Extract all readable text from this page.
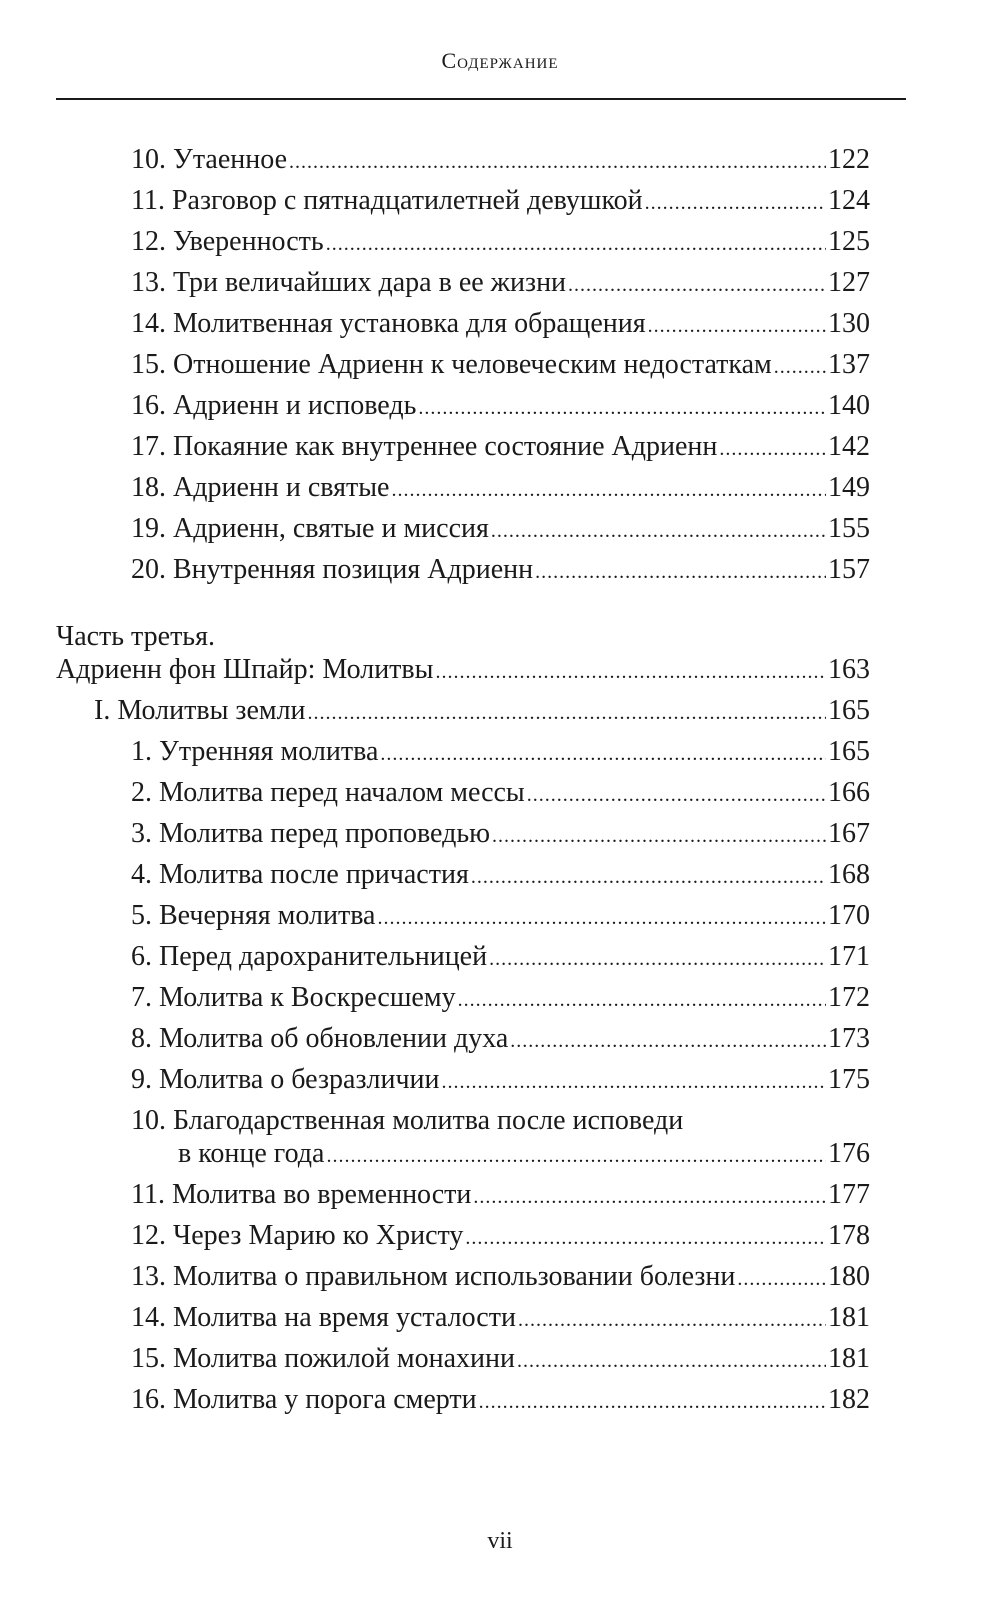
Содержание
10. Утаенное .....	122
11. Разговор с пятнадцатилетней девушкой .....	124
12. Уверенность .....	125
13. Три величайших дара в ее жизни .....	127
14. Молитвенная установка для обращения .....	130
15. Отношение Адриенн к человеческим недостаткам ..... 137
16. Адриенн и исповедь .....	140
17. Покаяние как внутреннее состояние Адриенн .....	142
18. Адриенн и святые .....	149
19. Адриенн, святые и миссия .....	155
20. Внутренняя позиция Адриенн .....	157
Часть третья.
Адриенн фон Шпайр: Молитвы .....	163
I. Молитвы земли .....	165
1. Утренняя молитва .....	165
2. Молитва перед началом мессы .....	166
3. Молитва перед проповедью .....	167
4. Молитва после причастия .....	168
5. Вечерняя молитва .....	170
6. Перед дарохранительницей .....	171
7. Молитва к Воскресшему .....	172
8. Молитва об обновлении духа .....	173
9. Молитва о безразличии .....	175
10. Благодарственная молитва после исповеди
в конце года .....	176
11. Молитва во временности .....	177
12. Через Марию ко Христу .....	178
13. Молитва о правильном использовании болезни .....	180
14. Молитва на время усталости .....	181
15. Молитва пожилой монахини .....	181
16. Молитва у порога смерти .....	182
vii
